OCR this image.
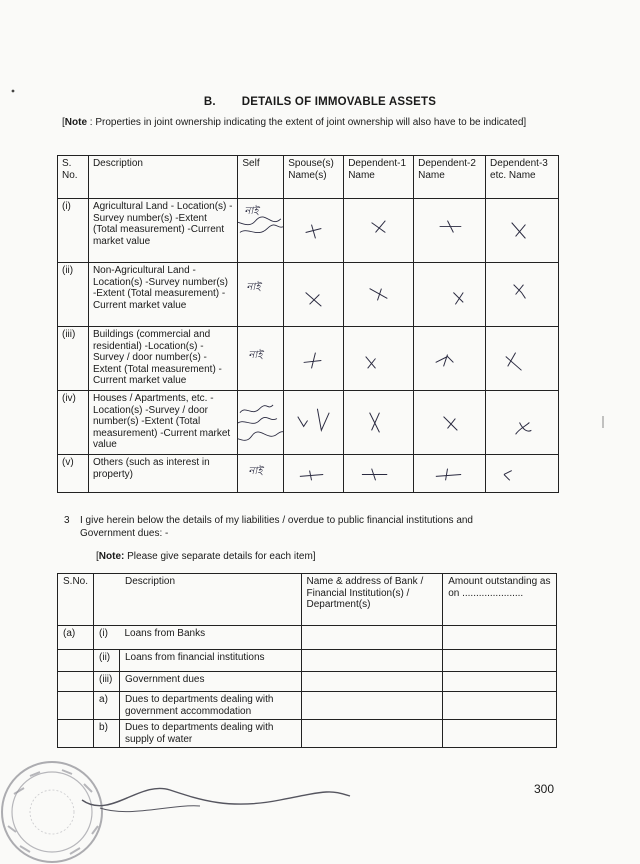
B. DETAILS OF IMMOVABLE ASSETS
[Note : Properties in joint ownership indicating the extent of joint ownership will also have to be indicated]
S. No.	Description	Self	Spouse(s) Name(s)	Dependent-1 Name	Dependent-2 Name	Dependent-3 etc. Name
(i)	Agricultural Land - Location(s) -Survey number(s) -Extent (Total measurement) -Current market value	নাই

(ii)	Non-Agricultural Land - Location(s) -Survey number(s) -Extent (Total measurement) -Current market value	নাই

(iii)	Buildings (commercial and residential) -Location(s) -Survey / door number(s) -Extent (Total measurement) -Current market value	নাই

(iv)	Houses / Apartments, etc. - Location(s) -Survey / door number(s) -Extent (Total measurement) -Current market value	

(v)	Others (such as interest in property)	নাই

3 I give herein below the details of my liabilities / overdue to public financial institutions and
Government dues: -
[Note: Please give separate details for each item]
S.No.	Description		Name & address of Bank / Financial Institution(s) / Department(s)	Amount outstanding as on ......................
(a)	(i)	Loans from Banks		
	(ii)	Loans from financial institutions		
	(iii)	Government dues		
	a)	Dues to departments dealing with government accommodation		
	b)	Dues to departments dealing with supply of water		
300
